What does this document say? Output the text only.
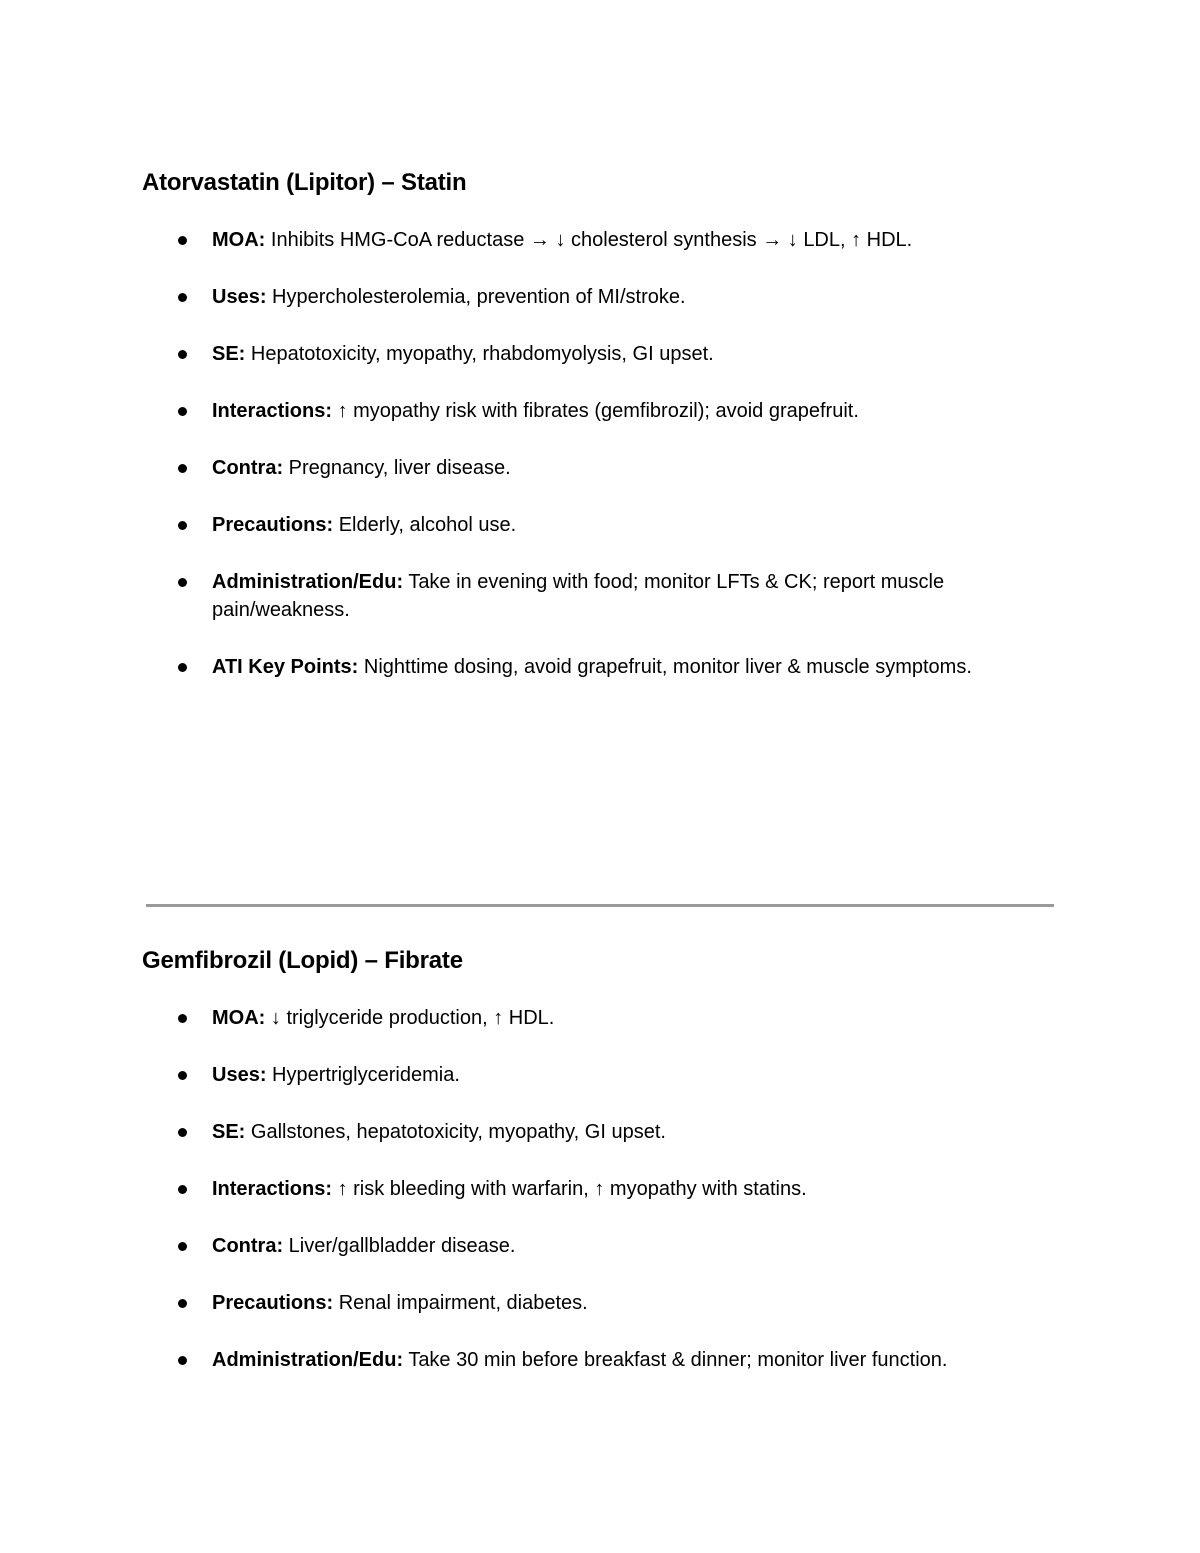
Atorvastatin (Lipitor) – Statin
MOA: Inhibits HMG-CoA reductase → ↓ cholesterol synthesis → ↓ LDL, ↑ HDL.
Uses: Hypercholesterolemia, prevention of MI/stroke.
SE: Hepatotoxicity, myopathy, rhabdomyolysis, GI upset.
Interactions: ↑ myopathy risk with fibrates (gemfibrozil); avoid grapefruit.
Contra: Pregnancy, liver disease.
Precautions: Elderly, alcohol use.
Administration/Edu: Take in evening with food; monitor LFTs & CK; report muscle pain/weakness.
ATI Key Points: Nighttime dosing, avoid grapefruit, monitor liver & muscle symptoms.
Gemfibrozil (Lopid) – Fibrate
MOA: ↓ triglyceride production, ↑ HDL.
Uses: Hypertriglyceridemia.
SE: Gallstones, hepatotoxicity, myopathy, GI upset.
Interactions: ↑ risk bleeding with warfarin, ↑ myopathy with statins.
Contra: Liver/gallbladder disease.
Precautions: Renal impairment, diabetes.
Administration/Edu: Take 30 min before breakfast & dinner; monitor liver function.
